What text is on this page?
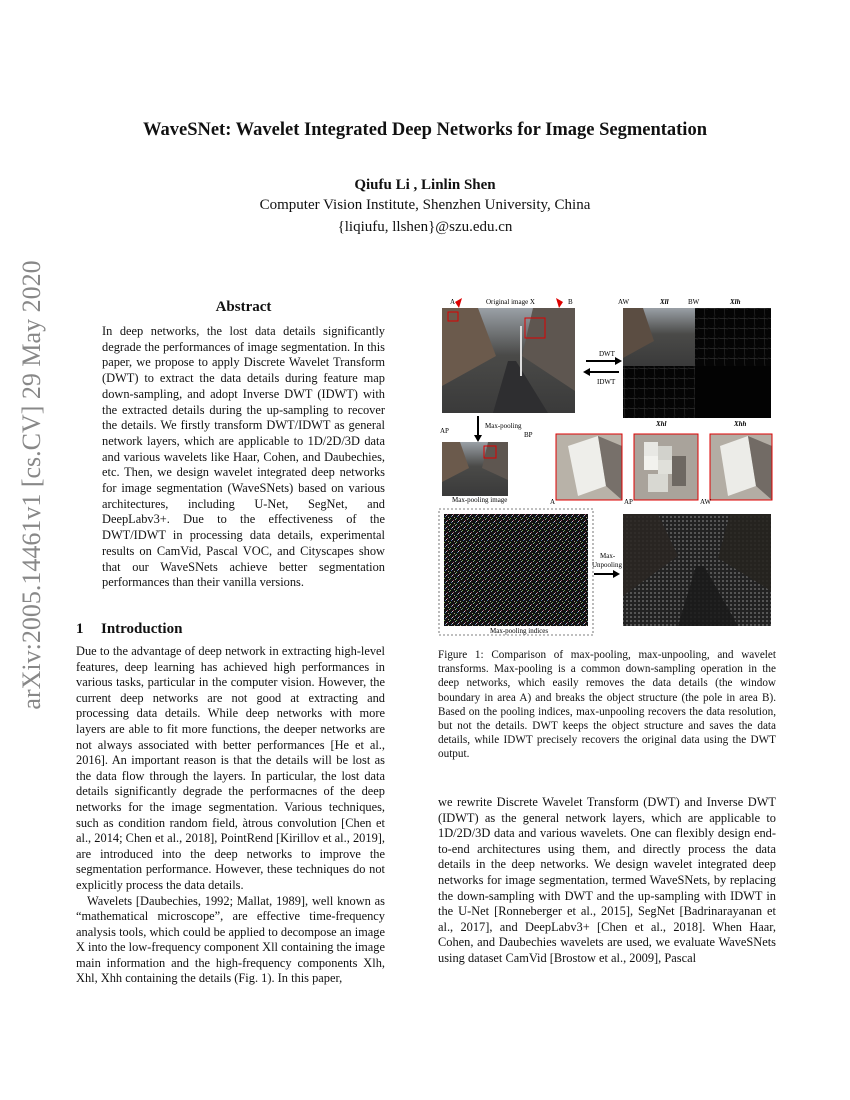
arXiv:2005.14461v1 [cs.CV] 29 May 2020
WaveSNet: Wavelet Integrated Deep Networks for Image Segmentation
Qiufu Li , Linlin Shen
Computer Vision Institute, Shenzhen University, China
{liqiufu, llshen}@szu.edu.cn
Abstract
In deep networks, the lost data details significantly degrade the performances of image segmentation. In this paper, we propose to apply Discrete Wavelet Transform (DWT) to extract the data details during feature map down-sampling, and adopt Inverse DWT (IDWT) with the extracted details during the up-sampling to recover the details. We firstly transform DWT/IDWT as general network layers, which are applicable to 1D/2D/3D data and various wavelets like Haar, Cohen, and Daubechies, etc. Then, we design wavelet integrated deep networks for image segmentation (WaveSNets) based on various architectures, including U-Net, SegNet, and DeepLabv3+. Due to the effectiveness of the DWT/IDWT in processing data details, experimental results on CamVid, Pascal VOC, and Cityscapes show that our WaveSNets achieve better segmentation performances than their vanilla versions.
1 Introduction

Due to the advantage of deep network in extracting high-level features, deep learning has achieved high performances in various tasks, particular in the computer vision. However, the current deep networks are not good at extracting and processing data details. While deep networks with more layers are able to fit more functions, the deeper networks are not always associated with better performances [He et al., 2016]. An important reason is that the details will be lost as the data flow through the layers. In particular, the lost data details significantly degrade the performacnes of the deep networks for the image segmentation. Various techniques, such as condition random field, àtrous convolution [Chen et al., 2014; Chen et al., 2018], PointRend [Kirillov et al., 2019], are introduced into the deep networks to improve the segmentation performance. However, these techniques do not explicitly process the data details.

Wavelets [Daubechies, 1992; Mallat, 1989], well known as “mathematical microscope”, are effective time-frequency analysis tools, which could be applied to decompose an image X into the low-frequency component Xll containing the image main information and the high-frequency components Xlh, Xhl, Xhh containing the details (Fig. 1). In this paper,

A	Original image X	B
DWT
IDWT
AW	Xll	BW	Xlh
Xhl	Xhh
Max-pooling
AP	BP
Max-pooling image	A	AP	AW
Max-pooling indices
Max-
Unpooling
Figure 1: Comparison of max-pooling, max-unpooling, and wavelet transforms. Max-pooling is a common down-sampling operation in the deep networks, which easily removes the data details (the window boundary in area A) and breaks the object structure (the pole in area B). Based on the pooling indices, max-unpooling recovers the data resolution, but not the details. DWT keeps the object structure and saves the data details, while IDWT precisely recovers the original data using the DWT output.

we rewrite Discrete Wavelet Transform (DWT) and Inverse DWT (IDWT) as the general network layers, which are applicable to 1D/2D/3D data and various wavelets. One can flexibly design end-to-end architectures using them, and directly process the data details in the deep networks. We design wavelet integrated deep networks for image segmentation, termed WaveSNets, by replacing the down-sampling with DWT and the up-sampling with IDWT in the U-Net [Ronneberger et al., 2015], SegNet [Badrinarayanan et al., 2017], and DeepLabv3+ [Chen et al., 2018]. When Haar, Cohen, and Daubechies wavelets are used, we evaluate WaveSNets using dataset CamVid [Brostow et al., 2009], Pascal
